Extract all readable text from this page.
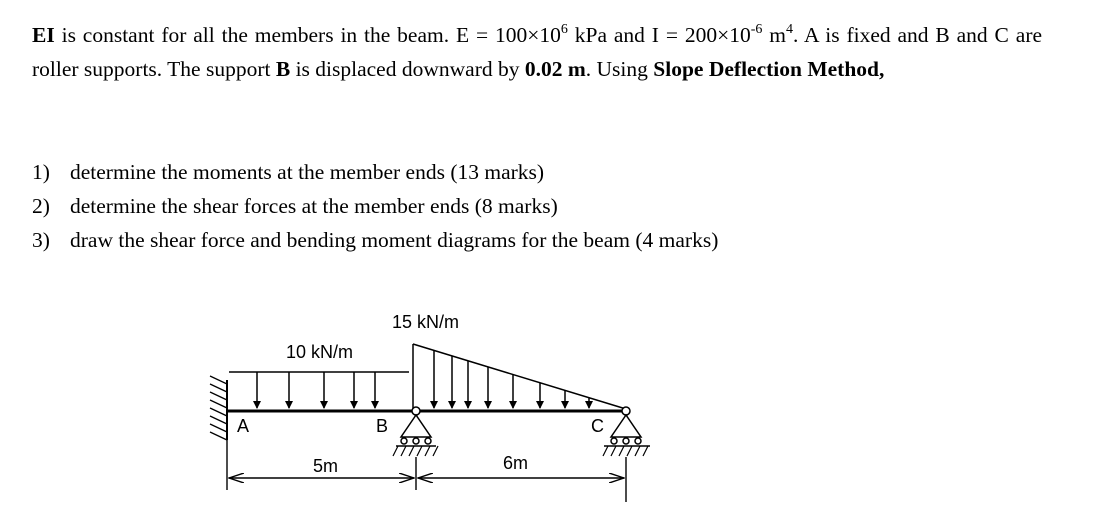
EI is constant for all the members in the beam. $E = 100\times 10^6$ kPa and $I = 200\times 10^{-6}$ $m^4$. A is fixed and B and C are roller supports. The support B is displaced downward by 0.02 m. Using Slope Deflection Method,
1) determine the moments at the member ends (13 marks)
2) determine the shear forces at the member ends (8 marks)
3) draw the shear force and bending moment diagrams for the beam (4 marks)
15 kN/m
10 kN/m
A	B	C
5m	6m
